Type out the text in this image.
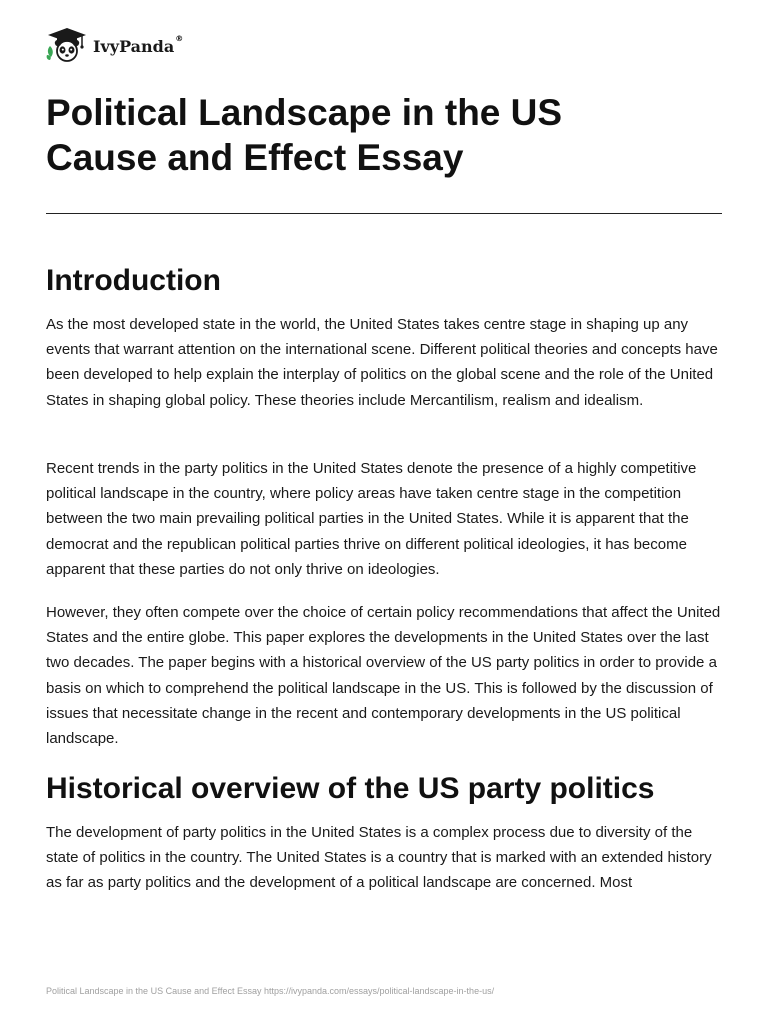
IvyPanda ®
Political Landscape in the US
Cause and Effect Essay
Introduction

As the most developed state in the world, the United States takes centre stage in shaping up any events that warrant attention on the international scene. Different political theories and concepts have been developed to help explain the interplay of politics on the global scene and the role of the United States in shaping global policy. These theories include Mercantilism, realism and idealism.

Recent trends in the party politics in the United States denote the presence of a highly competitive political landscape in the country, where policy areas have taken centre stage in the competition between the two main prevailing political parties in the United States. While it is apparent that the democrat and the republican political parties thrive on different political ideologies, it has become apparent that these parties do not only thrive on ideologies.

However, they often compete over the choice of certain policy recommendations that affect the United States and the entire globe. This paper explores the developments in the United States over the last two decades. The paper begins with a historical overview of the US party politics in order to provide a basis on which to comprehend the political landscape in the US. This is followed by the discussion of issues that necessitate change in the recent and contemporary developments in the US political landscape.

Historical overview of the US party politics

The development of party politics in the United States is a complex process due to diversity of the state of politics in the country. The United States is a country that is marked with an extended history as far as party politics and the development of a political landscape are concerned. Most

Political Landscape in the US Cause and Effect Essay https://ivypanda.com/essays/political-landscape-in-the-us/
